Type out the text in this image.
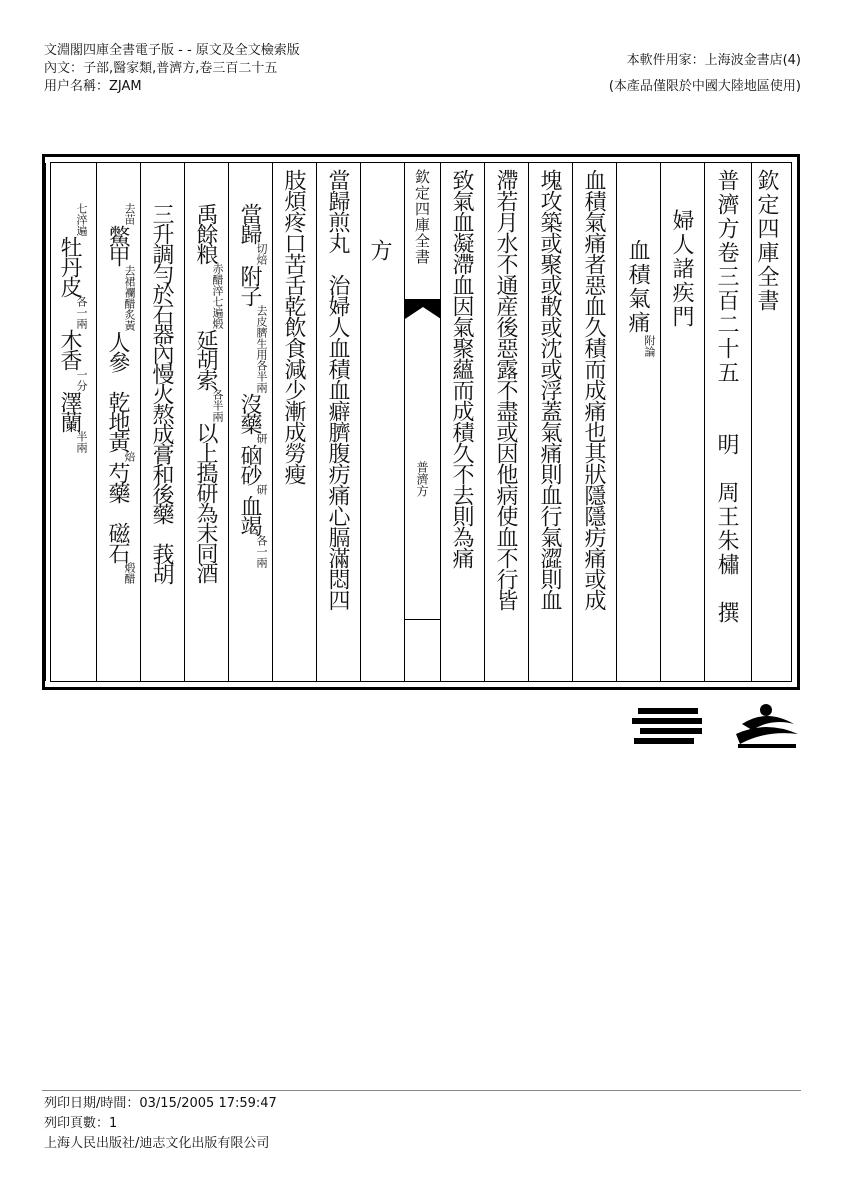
文淵閣四庫全書電子版 - - 原文及全文檢索版
內文：子部,醫家類,普濟方,卷三百二十五
用户名稱：ZJAM
本軟件用家：上海波金書店(4)
(本產品僅限於中國大陸地區使用)
欽定四庫全書
普濟方卷三百二十五　　明　周王朱橚　撰
婦人諸疾門
血積氣痛附論
血積氣痛者惡血久積而成痛也其狀隱隱疠痛或成
塊攻築或聚或散或沈或浮蓋氣痛則血行氣澀則血
滯若月水不通産後惡露不盡或因他病使血不行皆
致氣血凝滯血因氣聚蘊而成積久不去則為痛
欽定四庫全書
普濟方
方
當歸煎丸　治婦人血積血癖臍腹疠痛心膈滿悶四
肢煩疼口苦舌乾飲食減少漸成勞瘦
當歸切焙附子去皮臍生用各半兩沒藥研硇砂研血竭各一兩
禹餘粮赤醋淬七遍煅延胡索各半兩以上搗研為末同酒
三升調勻於石器內慢火熬成膏和後藥　莪胡
去苗鱉甲去裙襴醋炙黃人參　乾地黃焙芍藥　磁石煅醋
七淬遍牡丹皮各一兩木香一分澤蘭半兩
列印日期/時間：03/15/2005 17:59:47
列印頁數：1
上海人民出版社/迪志文化出版有限公司
